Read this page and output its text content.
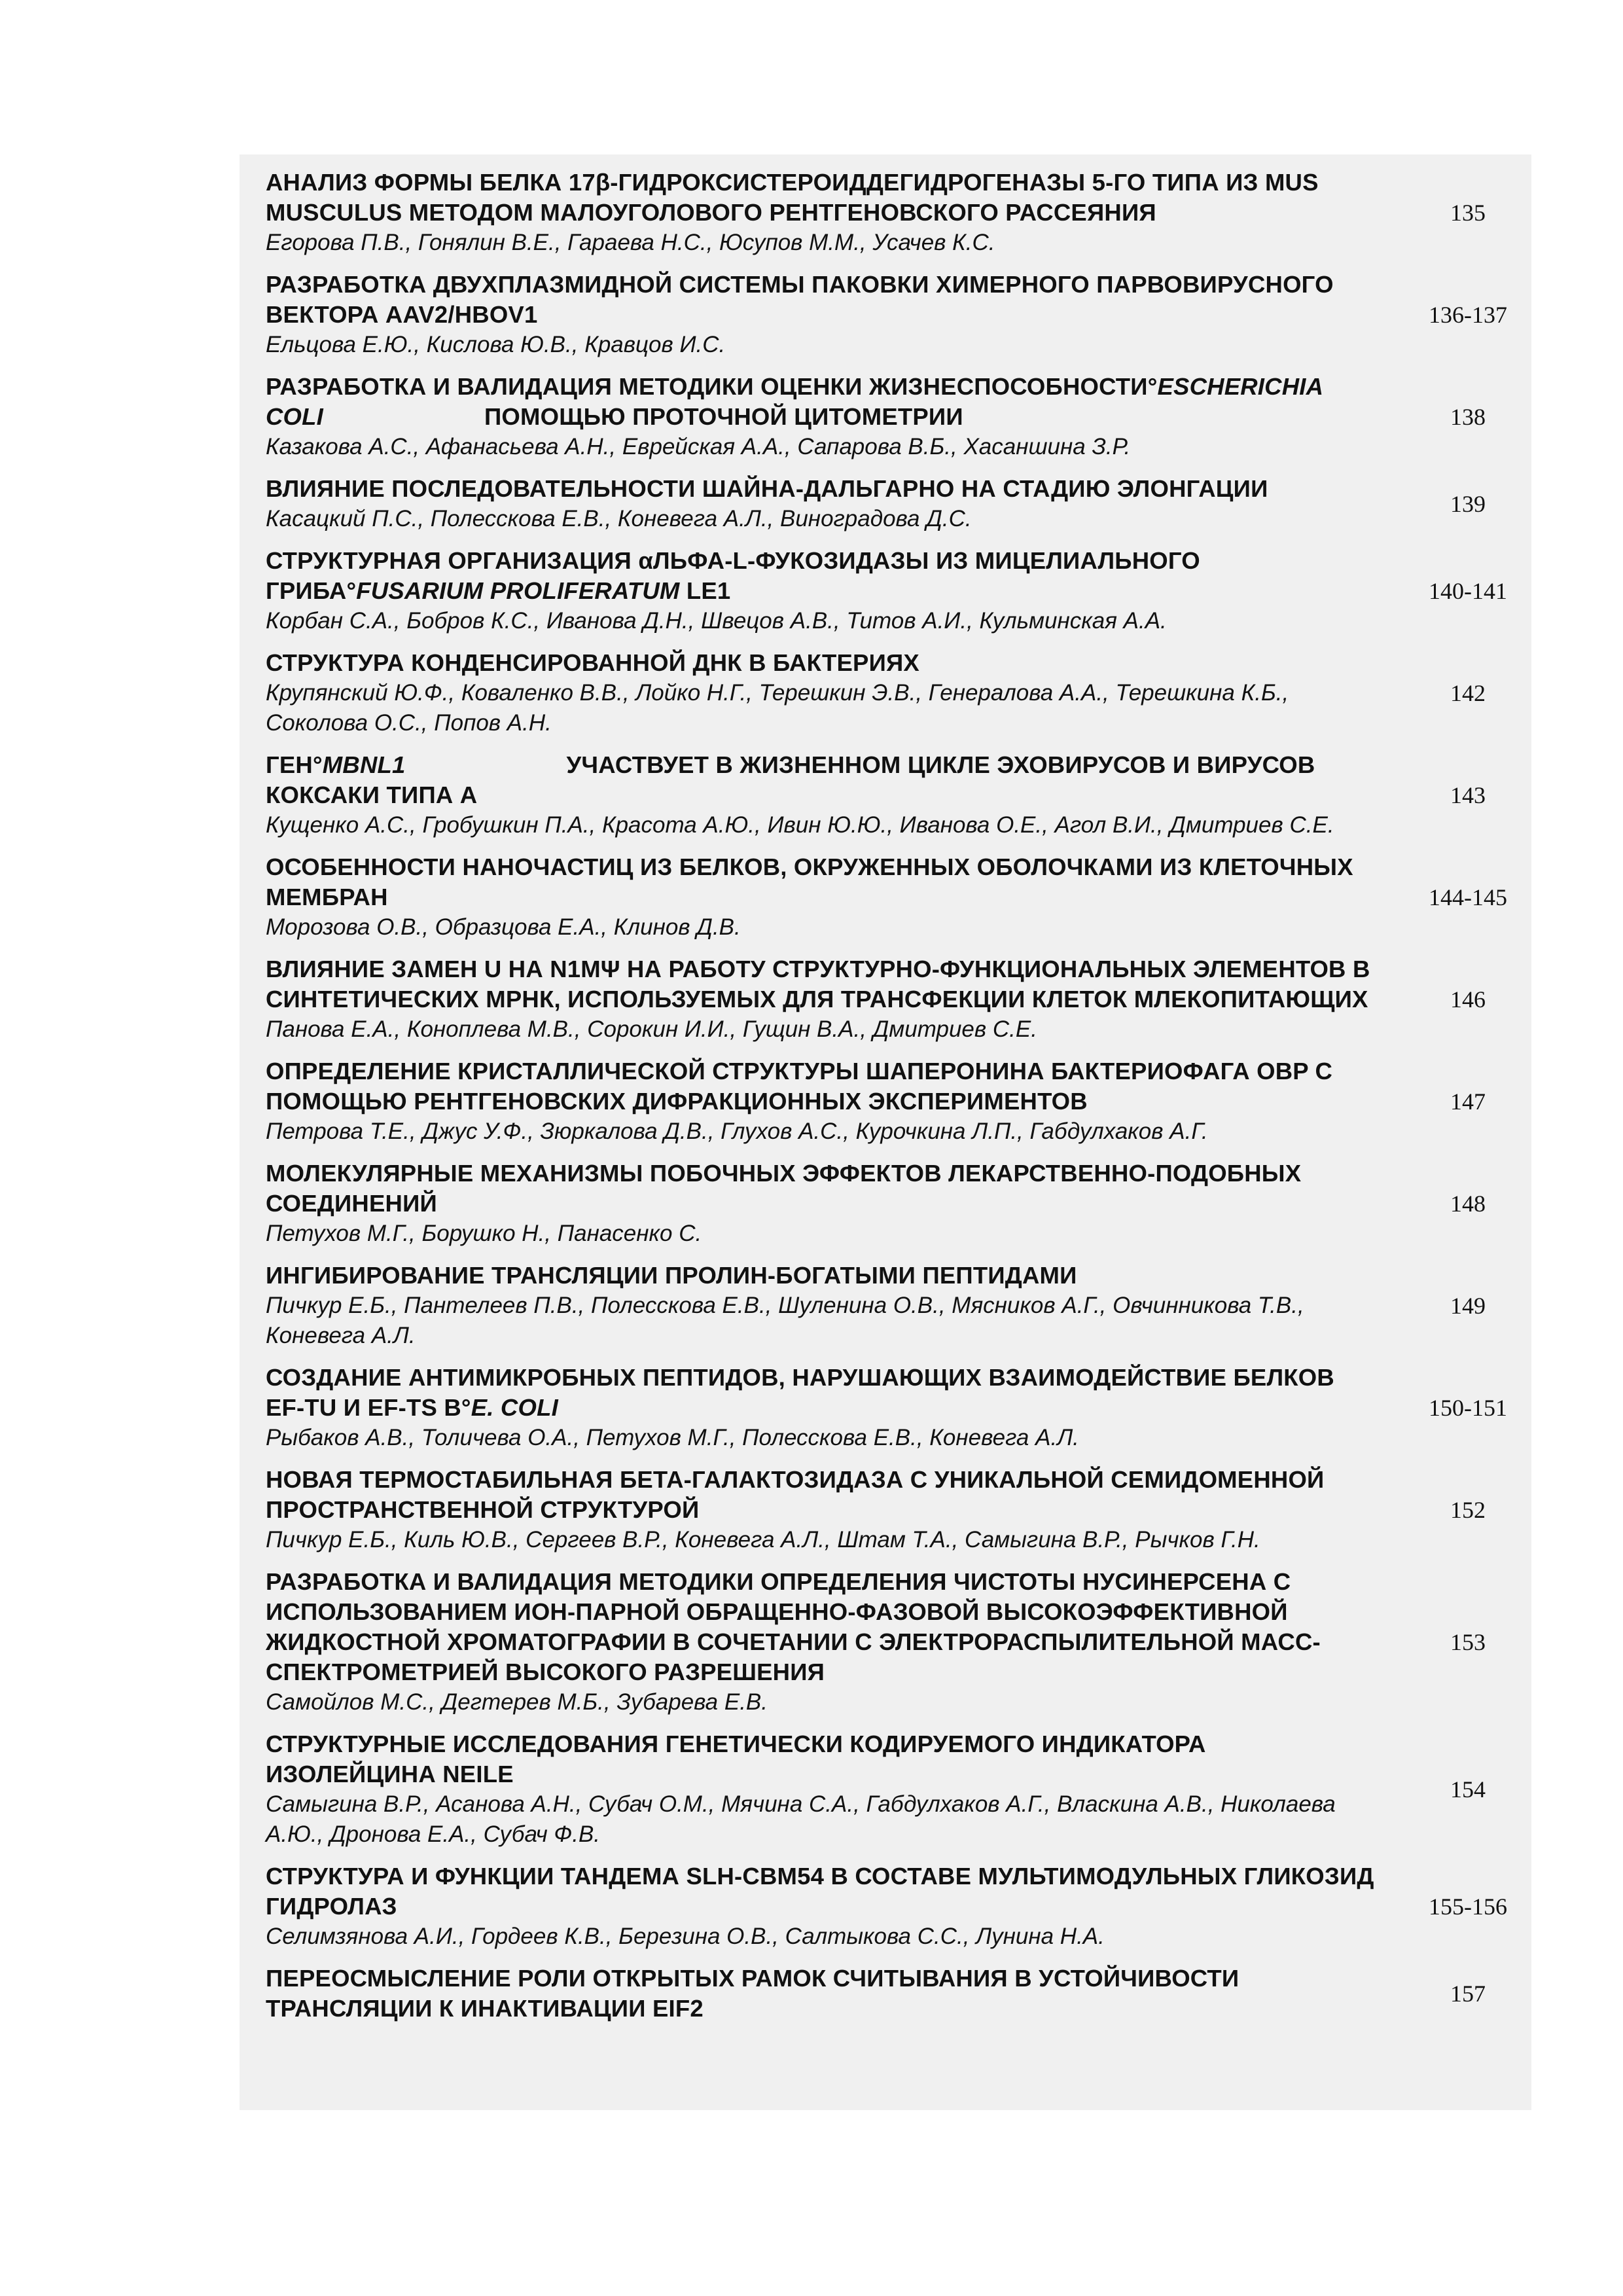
АНАЛИЗ ФОРМЫ БЕЛКА 17β-ГИДРОКСИСТЕРОИДДЕГИДРОГЕНАЗЫ 5-ГО ТИПА ИЗ MUS MUSCULUS МЕТОДОМ МАЛОУГОЛОВОГО РЕНТГЕНОВСКОГО РАССЕЯНИЯ
Егорова П.В., Гонялин В.Е., Гараева Н.С., Юсупов М.М., Усачев К.С.
135
РАЗРАБОТКА ДВУХПЛАЗМИДНОЙ СИСТЕМЫ ПАКОВКИ ХИМЕРНОГО ПАРВОВИРУСНОГО ВЕКТОРА AAV2/HBOV1
Ельцова Е.Ю., Кислова Ю.В., Кравцов И.С.
136-137
РАЗРАБОТКА И ВАЛИДАЦИЯ МЕТОДИКИ ОЦЕНКИ ЖИЗНЕСПОСОБНОСТИ°ESCHERICHIA COLI	ПОМОЩЬЮ ПРОТОЧНОЙ ЦИТОМЕТРИИ
Казакова А.С., Афанасьева А.Н., Еврейская А.А., Сапарова В.Б., Хасаншина З.Р.
138
ВЛИЯНИЕ ПОСЛЕДОВАТЕЛЬНОСТИ ШАЙНА-ДАЛЬГАРНО НА СТАДИЮ ЭЛОНГАЦИИ
Касацкий П.С., Полесскова Е.В., Коневега А.Л., Виноградова Д.С.
139
СТРУКТУРНАЯ ОРГАНИЗАЦИЯ αЛЬФА-L-ФУКОЗИДАЗЫ ИЗ МИЦЕЛИАЛЬНОГО ГРИБА°FUSARIUM PROLIFERATUM LE1
Корбан С.А., Бобров К.С., Иванова Д.Н., Швецов А.В., Титов А.И., Кульминская А.А.
140-141
СТРУКТУРА КОНДЕНСИРОВАННОЙ ДНК В БАКТЕРИЯХ
Крупянский Ю.Ф., Коваленко В.В., Лойко Н.Г., Терешкин Э.В., Генералова А.А., Терешкина К.Б., Соколова О.С., Попов А.Н.
142
ГЕН°MBNL1	УЧАСТВУЕТ В ЖИЗНЕННОМ ЦИКЛЕ ЭХОВИРУСОВ И ВИРУСОВ КОКСАКИ ТИПА А
Кущенко А.С., Гробушкин П.А., Красота А.Ю., Ивин Ю.Ю., Иванова О.Е., Агол В.И., Дмитриев С.Е.
143
ОСОБЕННОСТИ НАНОЧАСТИЦ ИЗ БЕЛКОВ, ОКРУЖЕННЫХ ОБОЛОЧКАМИ ИЗ КЛЕТОЧНЫХ МЕМБРАН
Морозова О.В., Образцова Е.А., Клинов Д.В.
144-145
ВЛИЯНИЕ ЗАМЕН U НА N1MΨ НА РАБОТУ СТРУКТУРНО-ФУНКЦИОНАЛЬНЫХ ЭЛЕМЕНТОВ В СИНТЕТИЧЕСКИХ МРНК, ИСПОЛЬЗУЕМЫХ ДЛЯ ТРАНСФЕКЦИИ КЛЕТОК МЛЕКОПИТАЮЩИХ
Панова Е.А., Коноплева М.В., Сорокин И.И., Гущин В.А., Дмитриев С.Е.
146
ОПРЕДЕЛЕНИЕ КРИСТАЛЛИЧЕСКОЙ СТРУКТУРЫ ШАПЕРОНИНА БАКТЕРИОФАГА OBP С ПОМОЩЬЮ РЕНТГЕНОВСКИХ ДИФРАКЦИОННЫХ ЭКСПЕРИМЕНТОВ
Петрова Т.Е., Джус У.Ф., Зюркалова Д.В., Глухов А.С., Курочкина Л.П., Габдулхаков А.Г.
147
МОЛЕКУЛЯРНЫЕ МЕХАНИЗМЫ ПОБОЧНЫХ ЭФФЕКТОВ ЛЕКАРСТВЕННО-ПОДОБНЫХ СОЕДИНЕНИЙ
Петухов М.Г., Борушко Н., Панасенко С.
148
ИНГИБИРОВАНИЕ ТРАНСЛЯЦИИ ПРОЛИН-БОГАТЫМИ ПЕПТИДАМИ
Пичкур Е.Б., Пантелеев П.В., Полесскова Е.В., Шуленина О.В., Мясников А.Г., Овчинникова Т.В., Коневега А.Л.
149
СОЗДАНИЕ АНТИМИКРОБНЫХ ПЕПТИДОВ, НАРУШАЮЩИХ ВЗАИМОДЕЙСТВИЕ БЕЛКОВ EF-TU И EF-TS В°E. COLI
Рыбаков А.В., Толичева О.А., Петухов М.Г., Полесскова Е.В., Коневега А.Л.
150-151
НОВАЯ ТЕРМОСТАБИЛЬНАЯ БЕТА-ГАЛАКТОЗИДАЗА С УНИКАЛЬНОЙ СЕМИДОМЕННОЙ ПРОСТРАНСТВЕННОЙ СТРУКТУРОЙ
Пичкур Е.Б., Киль Ю.В., Сергеев В.Р., Коневега А.Л., Штам Т.А., Самыгина В.Р., Рычков Г.Н.
152
РАЗРАБОТКА И ВАЛИДАЦИЯ МЕТОДИКИ ОПРЕДЕЛЕНИЯ ЧИСТОТЫ НУСИНЕРСЕНА С ИСПОЛЬЗОВАНИЕМ ИОН-ПАРНОЙ ОБРАЩЕННО-ФАЗОВОЙ ВЫСОКОЭФФЕКТИВНОЙ ЖИДКОСТНОЙ ХРОМАТОГРАФИИ В СОЧЕТАНИИ С ЭЛЕКТРОРАСПЫЛИТЕЛЬНОЙ МАСС-СПЕКТРОМЕТРИЕЙ ВЫСОКОГО РАЗРЕШЕНИЯ
Самойлов М.С., Дегтерев М.Б., Зубарева Е.В.
153
СТРУКТУРНЫЕ ИССЛЕДОВАНИЯ ГЕНЕТИЧЕСКИ КОДИРУЕМОГО ИНДИКАТОРА ИЗОЛЕЙЦИНА NEILE
Самыгина В.Р., Асанова А.Н., Субач О.М., Мячина С.А., Габдулхаков А.Г., Власкина А.В., Николаева А.Ю., Дронова Е.А., Субач Ф.В.
154
СТРУКТУРА И ФУНКЦИИ ТАНДЕМА SLH-CBM54 В СОСТАВЕ МУЛЬТИМОДУЛЬНЫХ ГЛИКОЗИД ГИДРОЛАЗ
Селимзянова А.И., Гордеев К.В., Березина О.В., Салтыкова С.С., Лунина Н.А.
155-156
ПЕРЕОСМЫСЛЕНИЕ РОЛИ ОТКРЫТЫХ РАМОК СЧИТЫВАНИЯ В УСТОЙЧИВОСТИ ТРАНСЛЯЦИИ К ИНАКТИВАЦИИ EIF2
157
